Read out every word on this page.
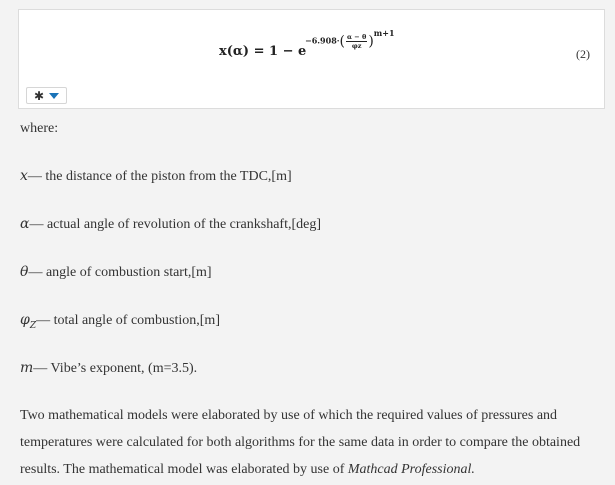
x(α) = 1 − e
$-6.908\cdot( \frac{\alpha - \theta}{\varphi z} )m+1$
(2)
✱
where:
x— the distance of the piston from the TDC,[m]
α— actual angle of revolution of the crankshaft,[deg]
θ— angle of combustion start,[m]
$\varphi_Z—$ total angle of combustion,[m]
m— Vibe’s exponent, (m=3.5).
Two mathematical models were elaborated by use of which the required values of pressures and temperatures were calculated for both algorithms for the same data in order to compare the obtained results. The mathematical model was elaborated by use of Mathcad Professional.
